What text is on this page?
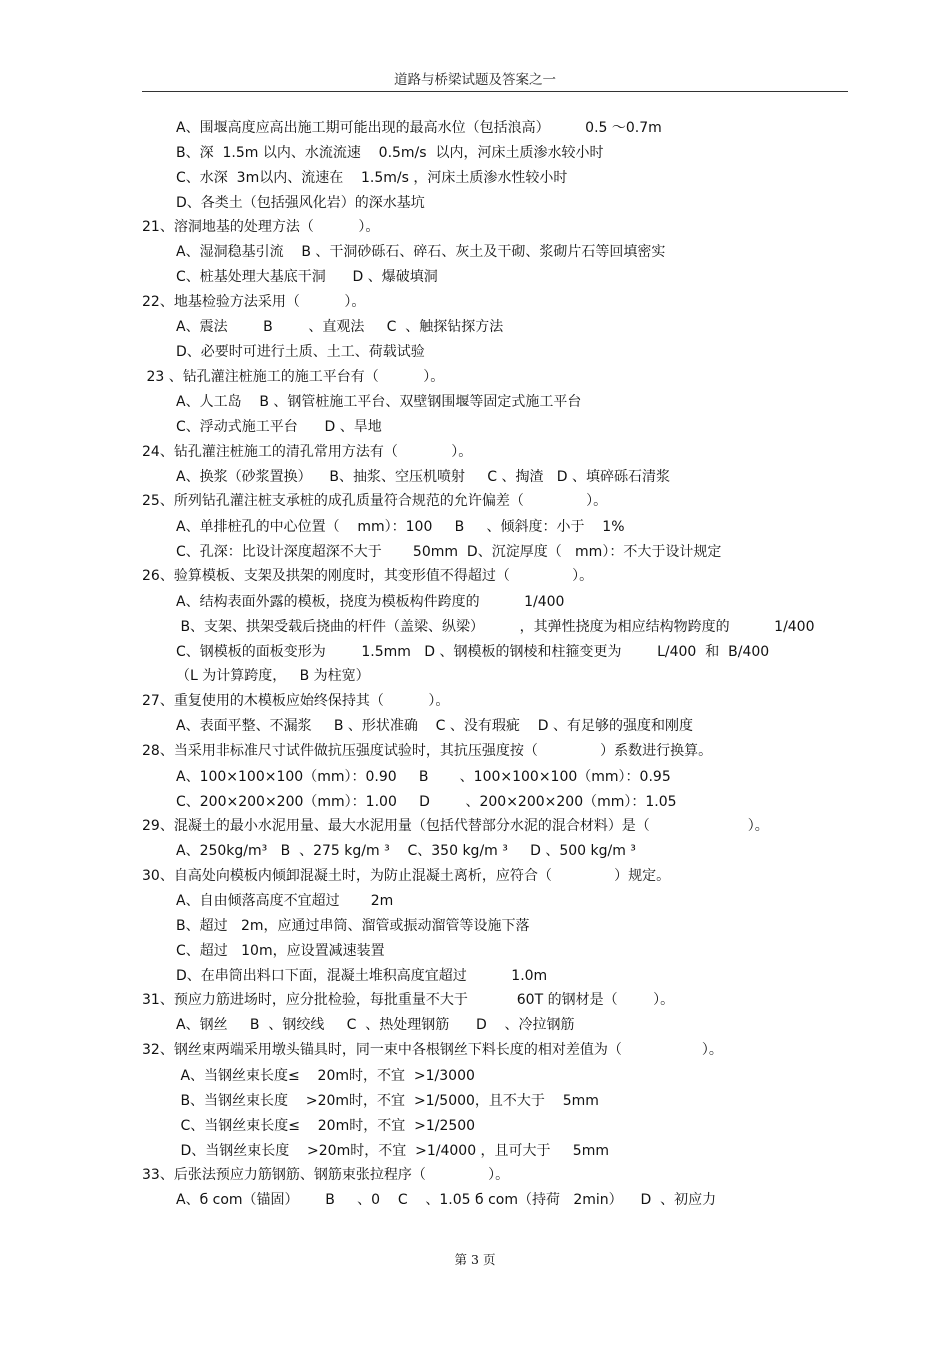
道路与桥梁试题及答案之一
A、围堰高度应高出施工期可能出现的最高水位（包括浪高）        0.5 ～0.7m
B、深  1.5m 以内、水流流速    0.5m/s  以内，河床土质渗水较小时
C、水深  3m以内、流速在    1.5m/s ，河床土质渗水性较小时
D、各类土（包括强风化岩）的深水基坑
21、溶洞地基的处理方法（          ）。
A、湿洞稳基引流    B 、干洞砂砾石、碎石、灰土及干砌、浆砌片石等回填密实
C、桩基处理大基底干洞      D 、爆破填洞
22、地基检验方法采用（          ）。
A、震法        B        、直观法     C  、触探钻探方法
D、必要时可进行土质、土工、荷载试验
23 、钻孔灌注桩施工的施工平台有（          ）。
A、人工岛    B 、钢管桩施工平台、双壁钢围堰等固定式施工平台
C、浮动式施工平台      D 、旱地
24、钻孔灌注桩施工的清孔常用方法有（            ）。
A、换浆（砂浆置换）    B、抽浆、空压机喷射     C 、掏渣   D 、填碎砾石清浆
25、所列钻孔灌注桩支承桩的成孔质量符合规范的允许偏差（              ）。
A、单排桩孔的中心位置（    mm）：100     B     、倾斜度：小于    1%
C、孔深：比设计深度超深不大于       50mm  D、沉淀厚度（   mm）：不大于设计规定
26、验算模板、支架及拱架的刚度时，其变形值不得超过（              ）。
A、结构表面外露的模板，挠度为模板构件跨度的          1/400
B、支架、拱架受载后挠曲的杆件（盖梁、纵梁）        ，其弹性挠度为相应结构物跨度的          1/400
C、钢模板的面板变形为        1.5mm   D 、钢模板的钢棱和柱箍变更为        L/400  和  B/400
（L 为计算跨度，   B 为柱宽）
27、重复使用的木模板应始终保持其（          ）。
A、表面平整、不漏浆     B 、形状准确    C 、没有瑕疵    D 、有足够的强度和刚度
28、当采用非标准尺寸试件做抗压强度试验时，其抗压强度按（              ）系数进行换算。
A、100×100×100（mm）：0.90     B       、100×100×100（mm）：0.95
C、200×200×200（mm）：1.00     D        、200×200×200（mm）：1.05
29、混凝土的最小水泥用量、最大水泥用量（包括代替部分水泥的混合材料）是（                      ）。
A、250kg/m³   B  、275 kg/m ³    C、350 kg/m ³     D 、500 kg/m ³
30、自高处向模板内倾卸混凝土时，为防止混凝土离析，应符合（              ）规定。
A、自由倾落高度不宜超过       2m
B、超过   2m，应通过串筒、溜管或振动溜管等设施下落
C、超过   10m，应设置减速装置
D、在串筒出料口下面，混凝土堆积高度宜超过          1.0m
31、预应力筋进场时，应分批检验，每批重量不大于           60T 的钢材是（        ）。
A、钢丝     B  、钢绞线     C  、热处理钢筋      D    、冷拉钢筋
32、钢丝束两端采用墩头锚具时，同一束中各根钢丝下料长度的相对差值为（                  ）。
A、当钢丝束长度≤    20m时，不宜  >1/3000
B、当钢丝束长度    >20m时，不宜  >1/5000，且不大于    5mm
C、当钢丝束长度≤    20m时，不宜  >1/2500
D、当钢丝束长度    >20m时，不宜  >1/4000 ，且可大于     5mm
33、后张法预应力筋钢筋、钢筋束张拉程序（              ）。
A、б com（锚固）      B     、0    C    、1.05 б com（持荷   2min）    D  、初应力
第 3 页
